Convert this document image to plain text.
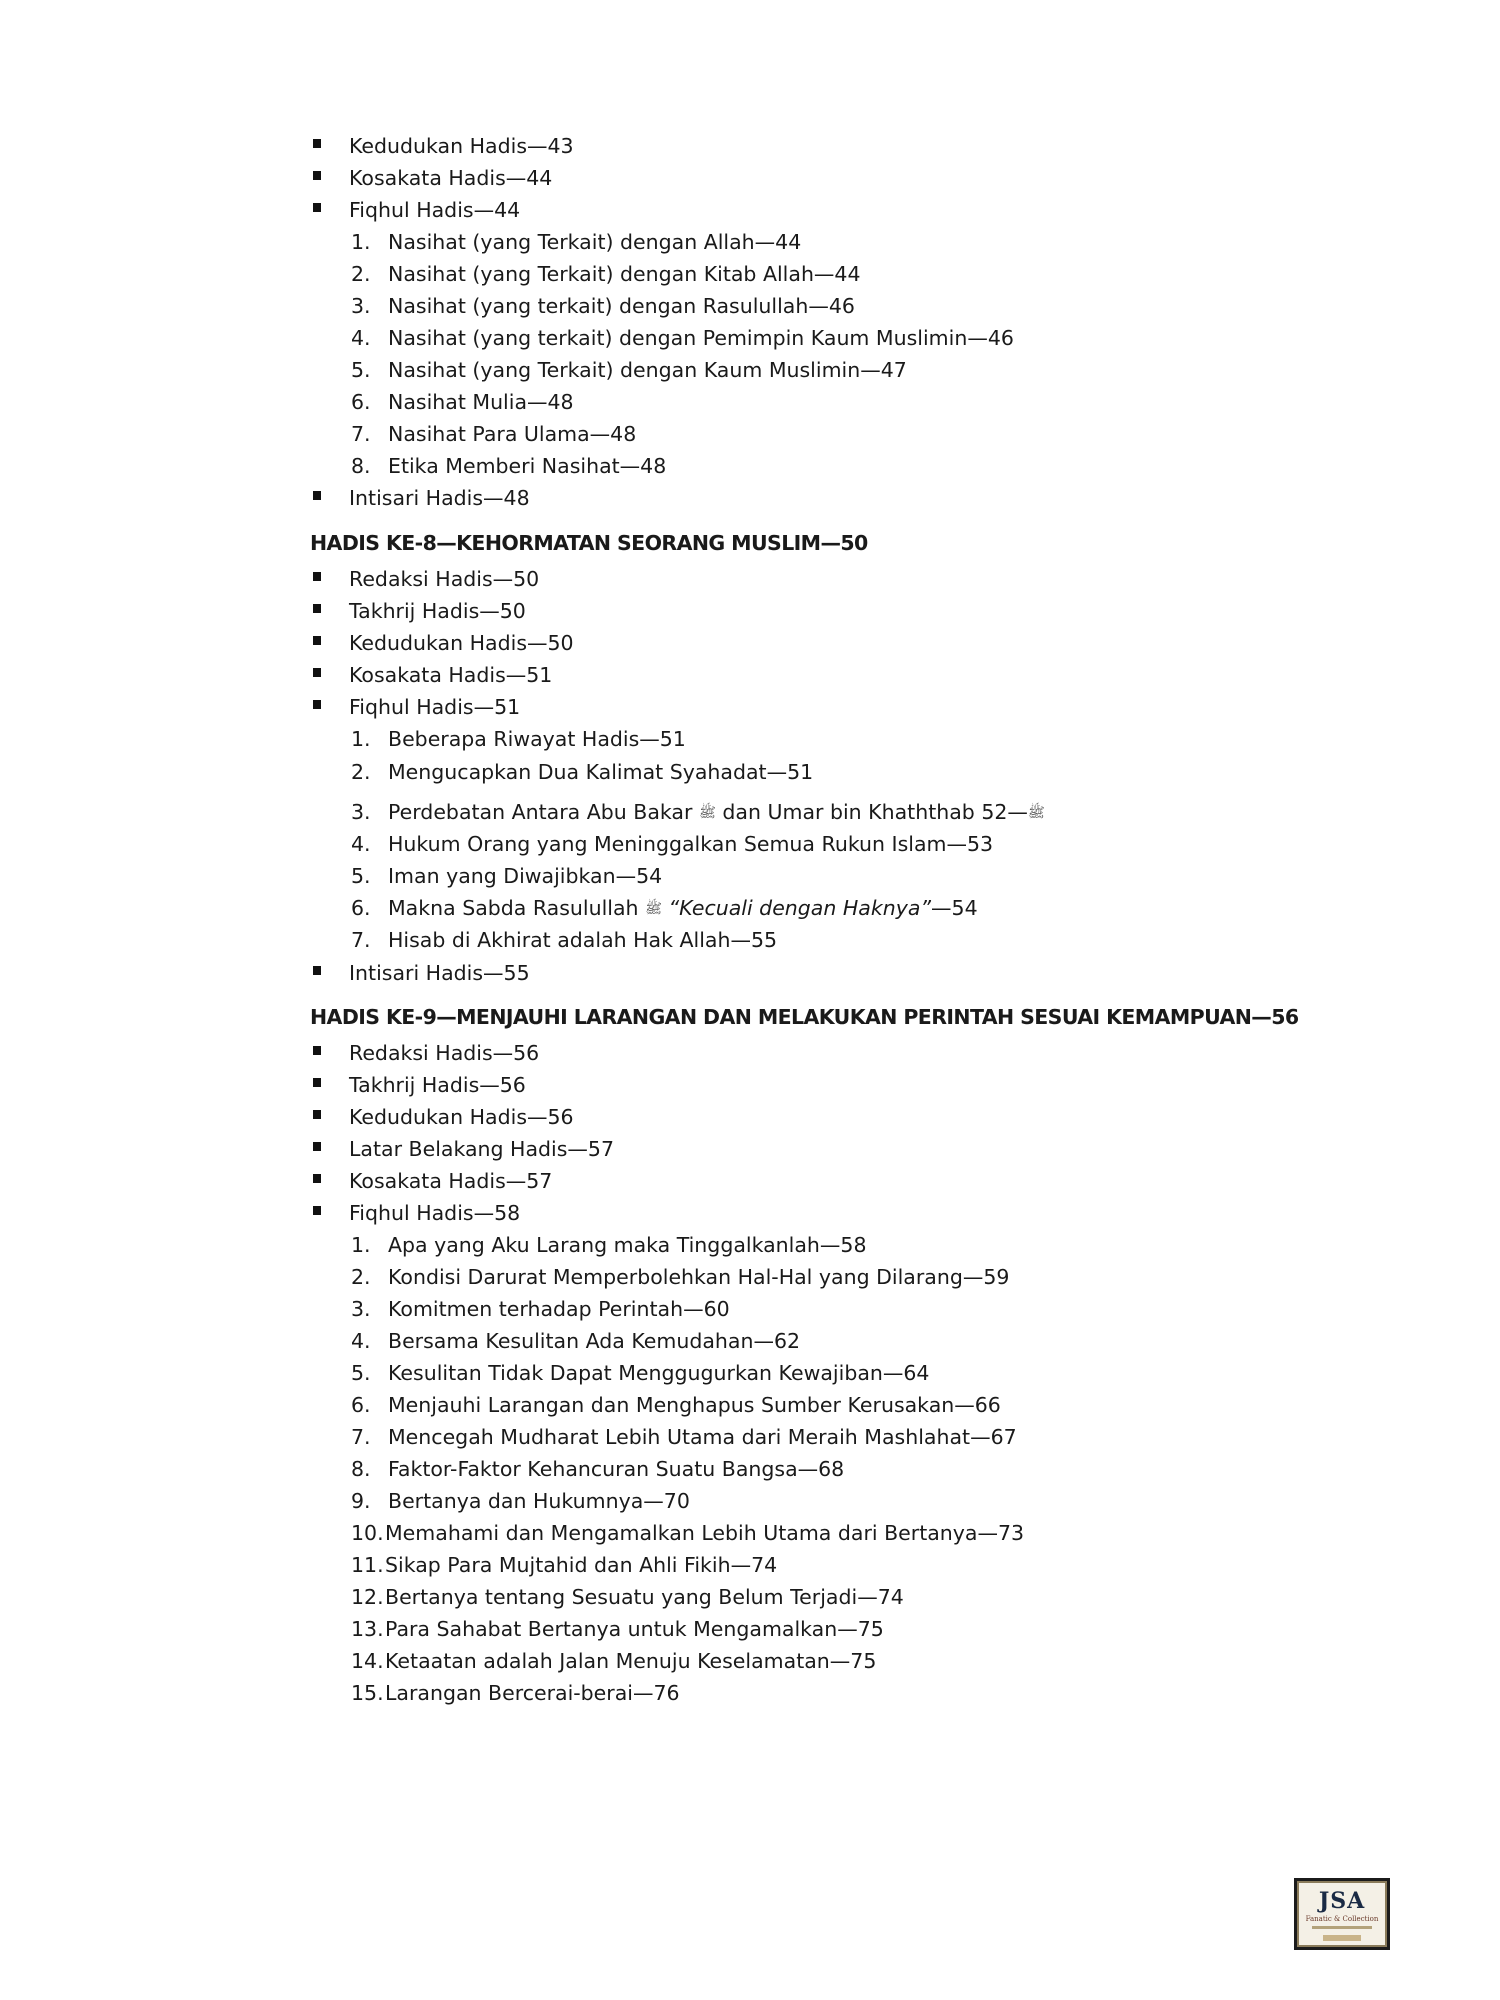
Kedudukan Hadis—43
Kosakata Hadis—44
Fiqhul Hadis—44
1. Nasihat (yang Terkait) dengan Allah—44
2. Nasihat (yang Terkait) dengan Kitab Allah—44
3. Nasihat (yang terkait) dengan Rasulullah—46
4. Nasihat (yang terkait) dengan Pemimpin Kaum Muslimin—46
5. Nasihat (yang Terkait) dengan Kaum Muslimin—47
6. Nasihat Mulia—48
7. Nasihat Para Ulama—48
8. Etika Memberi Nasihat—48
Intisari Hadis—48
HADIS KE-8—KEHORMATAN SEORANG MUSLIM—50
Redaksi Hadis—50
Takhrij Hadis—50
Kedudukan Hadis—50
Kosakata Hadis—51
Fiqhul Hadis—51
1. Beberapa Riwayat Hadis—51
2. Mengucapkan Dua Kalimat Syahadat—51
3. Perdebatan Antara Abu Bakar ﷺ dan Umar bin Khaththab	ﷺ—52
4. Hukum Orang yang Meninggalkan Semua Rukun Islam—53
5. Iman yang Diwajibkan—54
6. Makna Sabda Rasulullah ﷺ “Kecuali dengan Haknya”—54
7. Hisab di Akhirat adalah Hak Allah—55
Intisari Hadis—55
HADIS KE-9—MENJAUHI LARANGAN DAN MELAKUKAN PERINTAH SESUAI KEMAMPUAN—56
Redaksi Hadis—56
Takhrij Hadis—56
Kedudukan Hadis—56
Latar Belakang Hadis—57
Kosakata Hadis—57
Fiqhul Hadis—58
1. Apa yang Aku Larang maka Tinggalkanlah—58
2. Kondisi Darurat Memperbolehkan Hal-Hal yang Dilarang—59
3. Komitmen terhadap Perintah—60
4. Bersama Kesulitan Ada Kemudahan—62
5. Kesulitan Tidak Dapat Menggugurkan Kewajiban—64
6. Menjauhi Larangan dan Menghapus Sumber Kerusakan—66
7. Mencegah Mudharat Lebih Utama dari Meraih Mashlahat—67
8. Faktor-Faktor Kehancuran Suatu Bangsa—68
9. Bertanya dan Hukumnya—70
10. Memahami dan Mengamalkan Lebih Utama dari Bertanya—73
11. Sikap Para Mujtahid dan Ahli Fikih—74
12. Bertanya tentang Sesuatu yang Belum Terjadi—74
13. Para Sahabat Bertanya untuk Mengamalkan—75
14. Ketaatan adalah Jalan Menuju Keselamatan—75
15. Larangan Bercerai-berai—76
JSA
Fanatic & Collection
